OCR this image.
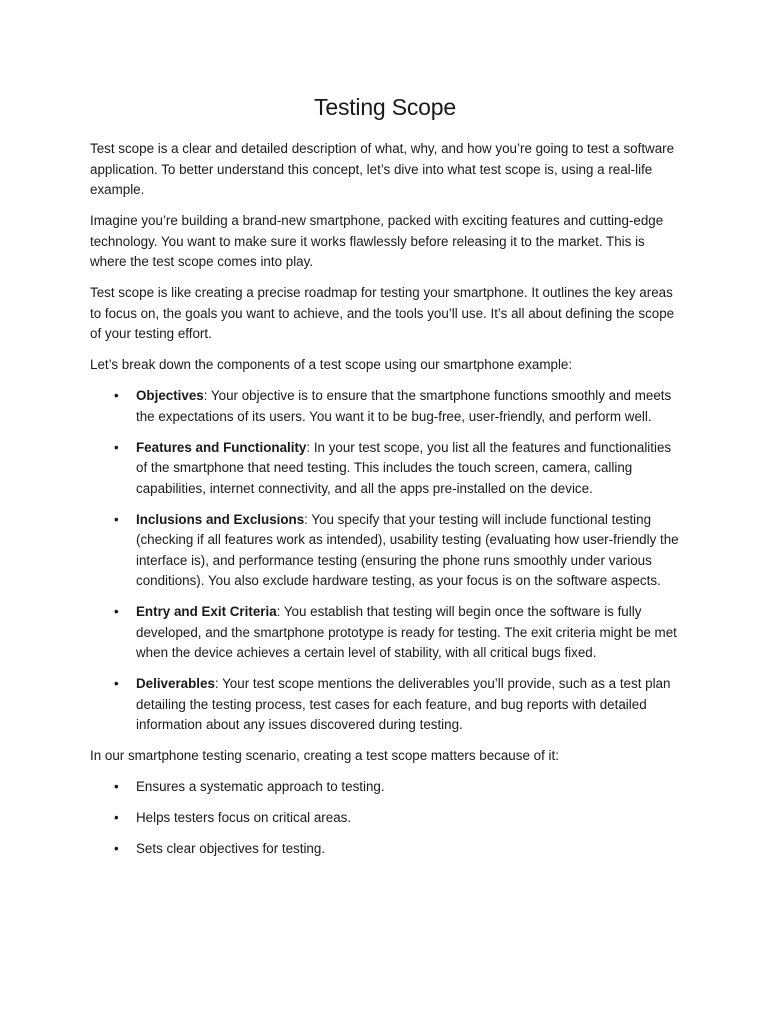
Testing Scope

Test scope is a clear and detailed description of what, why, and how you’re going to test a software application. To better understand this concept, let’s dive into what test scope is, using a real-life example.

Imagine you’re building a brand-new smartphone, packed with exciting features and cutting-edge technology. You want to make sure it works flawlessly before releasing it to the market. This is where the test scope comes into play.

Test scope is like creating a precise roadmap for testing your smartphone. It outlines the key areas to focus on, the goals you want to achieve, and the tools you’ll use. It’s all about defining the scope of your testing effort.

Let’s break down the components of a test scope using our smartphone example:

• Objectives: Your objective is to ensure that the smartphone functions smoothly and meets the expectations of its users. You want it to be bug-free, user-friendly, and perform well.
• Features and Functionality: In your test scope, you list all the features and functionalities of the smartphone that need testing. This includes the touch screen, camera, calling capabilities, internet connectivity, and all the apps pre-installed on the device.
• Inclusions and Exclusions: You specify that your testing will include functional testing (checking if all features work as intended), usability testing (evaluating how user-friendly the interface is), and performance testing (ensuring the phone runs smoothly under various conditions). You also exclude hardware testing, as your focus is on the software aspects.
• Entry and Exit Criteria: You establish that testing will begin once the software is fully developed, and the smartphone prototype is ready for testing. The exit criteria might be met when the device achieves a certain level of stability, with all critical bugs fixed.
• Deliverables: Your test scope mentions the deliverables you’ll provide, such as a test plan detailing the testing process, test cases for each feature, and bug reports with detailed information about any issues discovered during testing.

In our smartphone testing scenario, creating a test scope matters because of it:

• Ensures a systematic approach to testing.
• Helps testers focus on critical areas.
• Sets clear objectives for testing.
